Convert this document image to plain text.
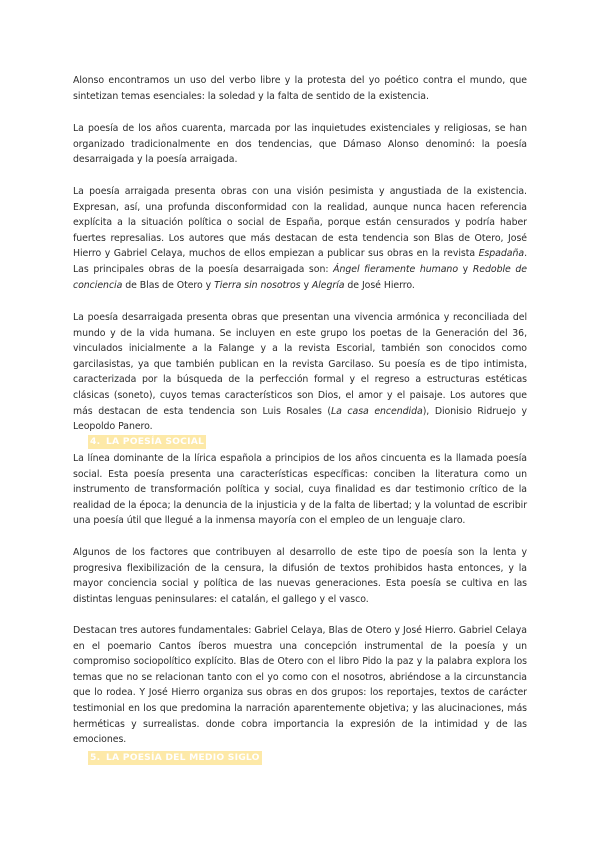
Alonso encontramos un uso del verbo libre y la protesta del yo poético contra el mundo, que sintetizan temas esenciales: la soledad y la falta de sentido de la existencia.

La poesía de los años cuarenta, marcada por las inquietudes existenciales y religiosas, se han organizado tradicionalmente en dos tendencias, que Dámaso Alonso denominó: la poesía desarraigada y la poesía arraigada.

La poesía arraigada presenta obras con una visión pesimista y angustiada de la existencia. Expresan, así, una profunda disconformidad con la realidad, aunque nunca hacen referencia explícita a la situación política o social de España, porque están censurados y podría haber fuertes represalias. Los autores que más destacan de esta tendencia son Blas de Otero, José Hierro y Gabriel Celaya, muchos de ellos empiezan a publicar sus obras en la revista Espadaña. Las principales obras de la poesía desarraigada son: Ángel fieramente humano y Redoble de conciencia de Blas de Otero y Tierra sin nosotros y Alegría de José Hierro.

La poesía desarraigada presenta obras que presentan una vivencia armónica y reconciliada del mundo y de la vida humana. Se incluyen en este grupo los poetas de la Generación del 36, vinculados inicialmente a la Falange y a la revista Escorial, también son conocidos como garcilasistas, ya que también publican en la revista Garcilaso. Su poesía es de tipo intimista, caracterizada por la búsqueda de la perfección formal y el regreso a estructuras estéticas clásicas (soneto), cuyos temas característicos son Dios, el amor y el paisaje. Los autores que más destacan de esta tendencia son Luis Rosales (La casa encendida), Dionisio Ridruejo y Leopoldo Panero.

4. LA POESÍA SOCIAL

La línea dominante de la lírica española a principios de los años cincuenta es la llamada poesía social. Esta poesía presenta una características específicas: conciben la literatura como un instrumento de transformación política y social, cuya finalidad es dar testimonio crítico de la realidad de la época; la denuncia de la injusticia y de la falta de libertad; y la voluntad de escribir una poesía útil que llegué a la inmensa mayoría con el empleo de un lenguaje claro.

Algunos de los factores que contribuyen al desarrollo de este tipo de poesía son la lenta y progresiva flexibilización de la censura, la difusión de textos prohibidos hasta entonces, y la mayor conciencia social y política de las nuevas generaciones. Esta poesía se cultiva en las distintas lenguas peninsulares: el catalán, el gallego y el vasco.

Destacan tres autores fundamentales: Gabriel Celaya, Blas de Otero y José Hierro. Gabriel Celaya en el poemario Cantos íberos muestra una concepción instrumental de la poesía y un compromiso sociopolítico explícito. Blas de Otero con el libro Pido la paz y la palabra explora los temas que no se relacionan tanto con el yo como con el nosotros, abriéndose a la circunstancia que lo rodea. Y José Hierro organiza sus obras en dos grupos: los reportajes, textos de carácter testimonial en los que predomina la narración aparentemente objetiva; y las alucinaciones, más herméticas y surrealistas. donde cobra importancia la expresión de la intimidad y de las emociones.

5. LA POESÍA DEL MEDIO SIGLO
